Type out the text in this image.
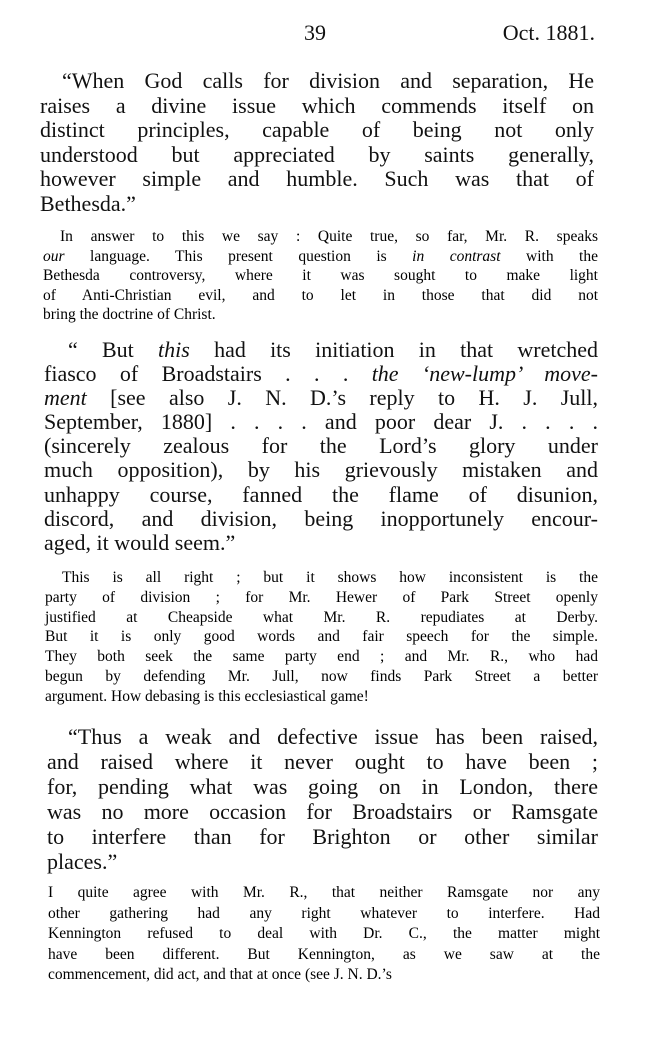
39	Oct. 1881.
“When God calls for division and separation, He
raises a divine issue which commends itself on
distinct principles, capable of being not only
understood but appreciated by saints generally,
however simple and humble. Such was that of
Bethesda.”
In answer to this we say : Quite true, so far, Mr. R. speaks
our language. This present question is in contrast with the
Bethesda controversy, where it was sought to make light
of Anti-Christian evil, and to let in those that did not
bring the doctrine of Christ.
“ But this had its initiation in that wretched
fiasco of Broadstairs . . . the ‘new-lump’ move-
ment [see also J. N. D.’s reply to H. J. Jull,
September, 1880] . . . . and poor dear J. . . . .
(sincerely zealous for the Lord’s glory under
much opposition), by his grievously mistaken and
unhappy course, fanned the flame of disunion,
discord, and division, being inopportunely encour-
aged, it would seem.”
This is all right ; but it shows how inconsistent is the
party of division ; for Mr. Hewer of Park Street openly
justified at Cheapside what Mr. R. repudiates at Derby.
But it is only good words and fair speech for the simple.
They both seek the same party end ; and Mr. R., who had
begun by defending Mr. Jull, now finds Park Street a better
argument. How debasing is this ecclesiastical game!
“Thus a weak and defective issue has been raised,
and raised where it never ought to have been ;
for, pending what was going on in London, there
was no more occasion for Broadstairs or Ramsgate
to interfere than for Brighton or other similar
places.”
I quite agree with Mr. R., that neither Ramsgate nor any
other gathering had any right whatever to interfere. Had
Kennington refused to deal with Dr. C., the matter might
have been different. But Kennington, as we saw at the
commencement, did act, and that at once (see J. N. D.’s
